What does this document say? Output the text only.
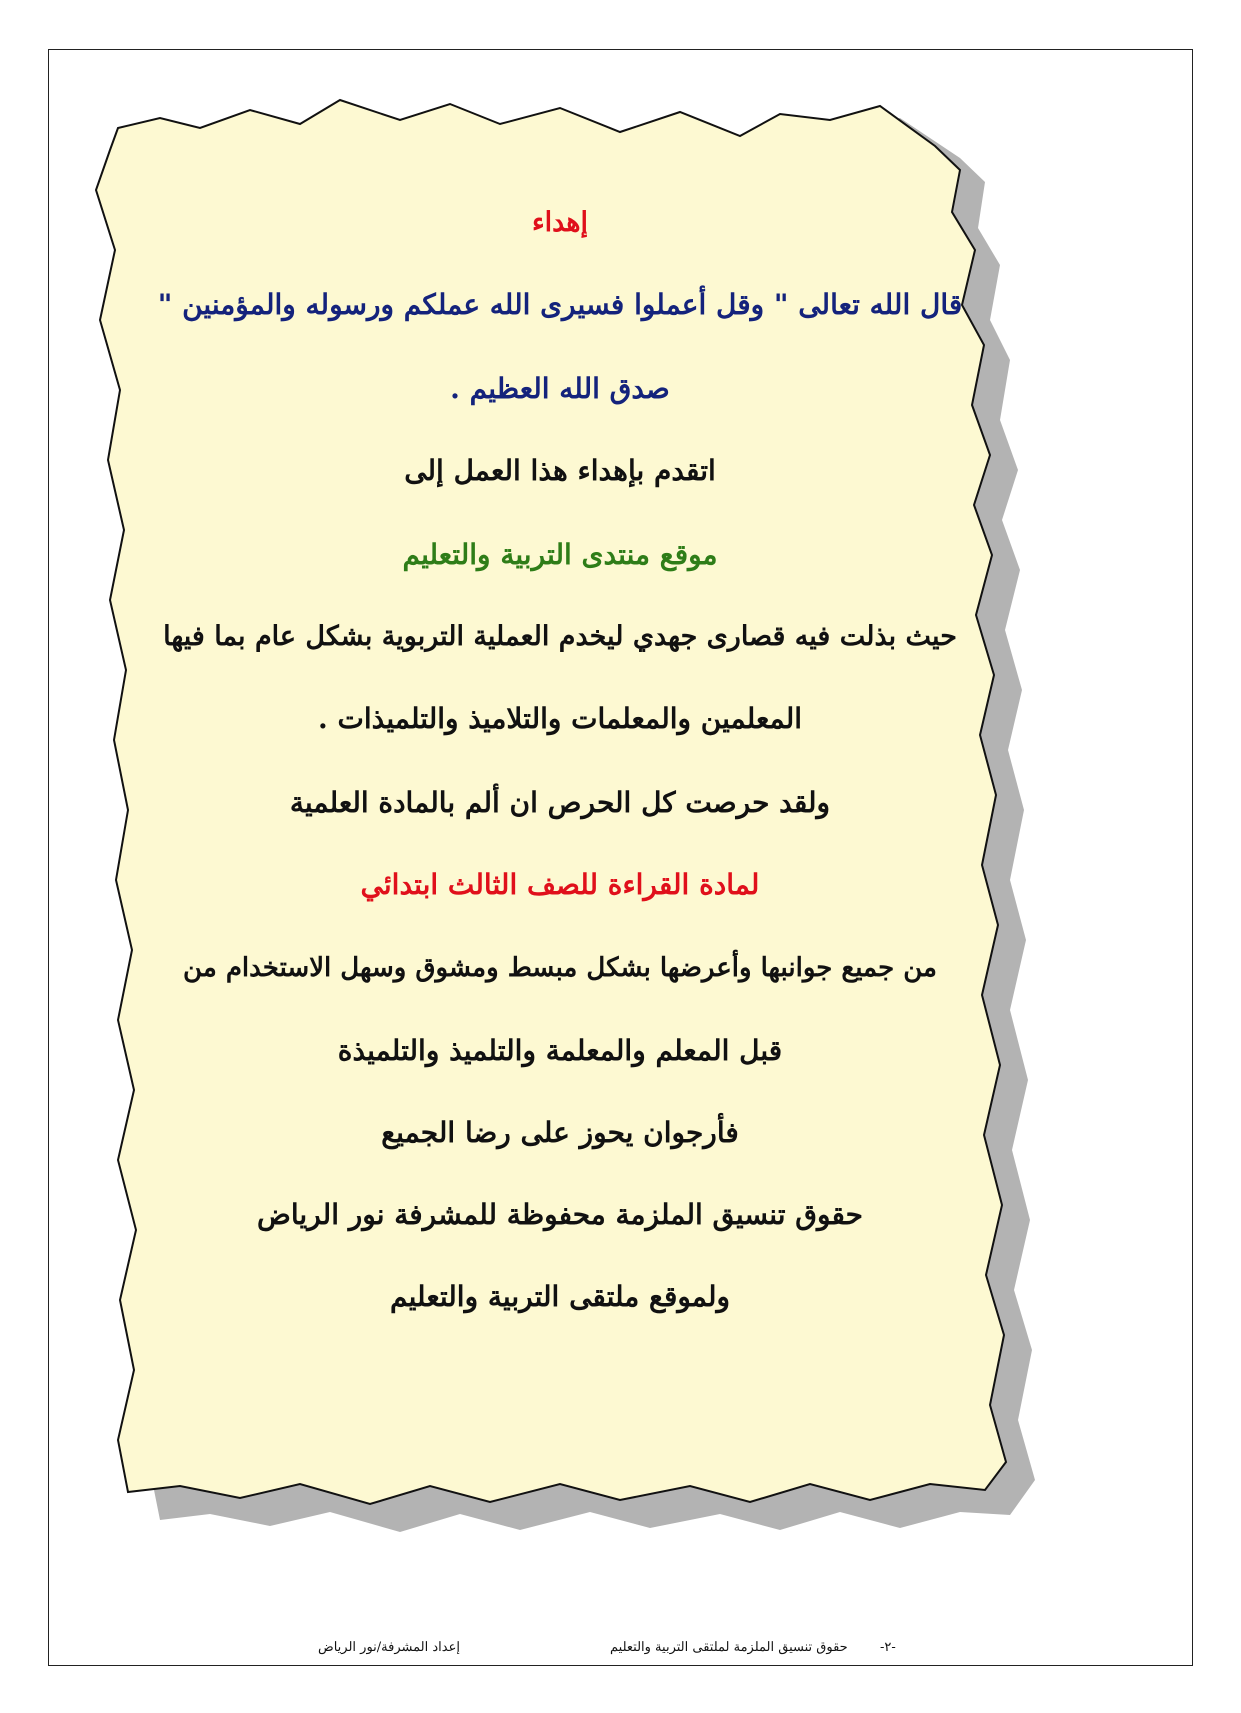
إهداء
قال الله تعالى " وقل أعملوا فسيرى الله عملكم ورسوله والمؤمنين "
صدق الله العظيم .
اتقدم بإهداء هذا العمل إلى
موقع منتدى التربية والتعليم
حيث بذلت فيه قصارى جهدي ليخدم العملية التربوية بشكل عام بما فيها
المعلمين والمعلمات والتلاميذ والتلميذات .
ولقد حرصت كل الحرص ان ألم بالمادة العلمية
لمادة القراءة للصف الثالث ابتدائي
من جميع جوانبها وأعرضها بشكل مبسط ومشوق وسهل الاستخدام من
قبل المعلم والمعلمة والتلميذ والتلميذة
فأرجوان يحوز على رضا الجميع
حقوق تنسيق الملزمة محفوظة للمشرفة نور الرياض
ولموقع ملتقى التربية والتعليم
-٢-
حقوق تنسيق الملزمة لملتقى التربية والتعليم
إعداد المشرفة/نور الرياض
